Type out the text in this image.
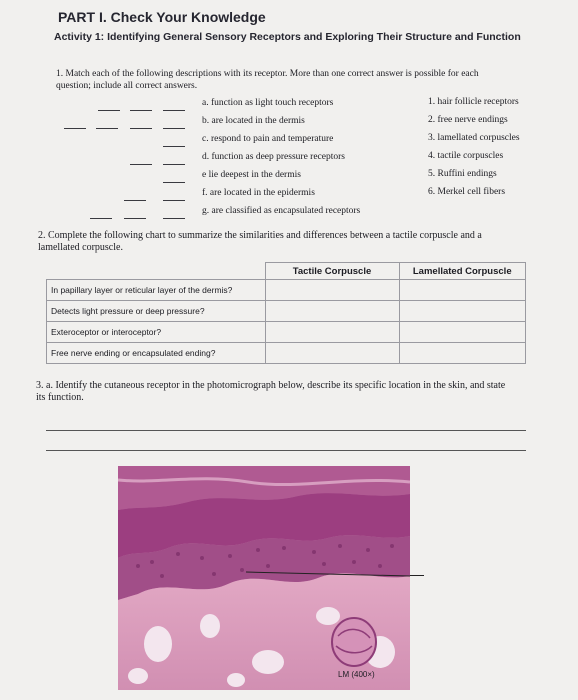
PART I. Check Your Knowledge
Activity 1: Identifying General Sensory Receptors and Exploring Their Structure and Function
1. Match each of the following descriptions with its receptor. More than one correct answer is possible for each question; include all correct answers.
a. function as light touch receptors
b. are located in the dermis
c. respond to pain and temperature
d. function as deep pressure receptors
e lie deepest in the dermis
f. are located in the epidermis
g. are classified as encapsulated receptors
1. hair follicle receptors
2. free nerve endings
3. lamellated corpuscles
4. tactile corpuscles
5. Ruffini endings
6. Merkel cell fibers
2. Complete the following chart to summarize the similarities and differences between a tactile corpuscle and a lamellated corpuscle.
	Tactile Corpuscle	Lamellated Corpuscle
In papillary layer or reticular layer of the dermis?		
Detects light pressure or deep pressure?		
Exteroceptor or interoceptor?		
Free nerve ending or encapsulated ending?		
3. a. Identify the cutaneous receptor in the photomicrograph below, describe its specific location in the skin, and state its function.
LM (400×)
